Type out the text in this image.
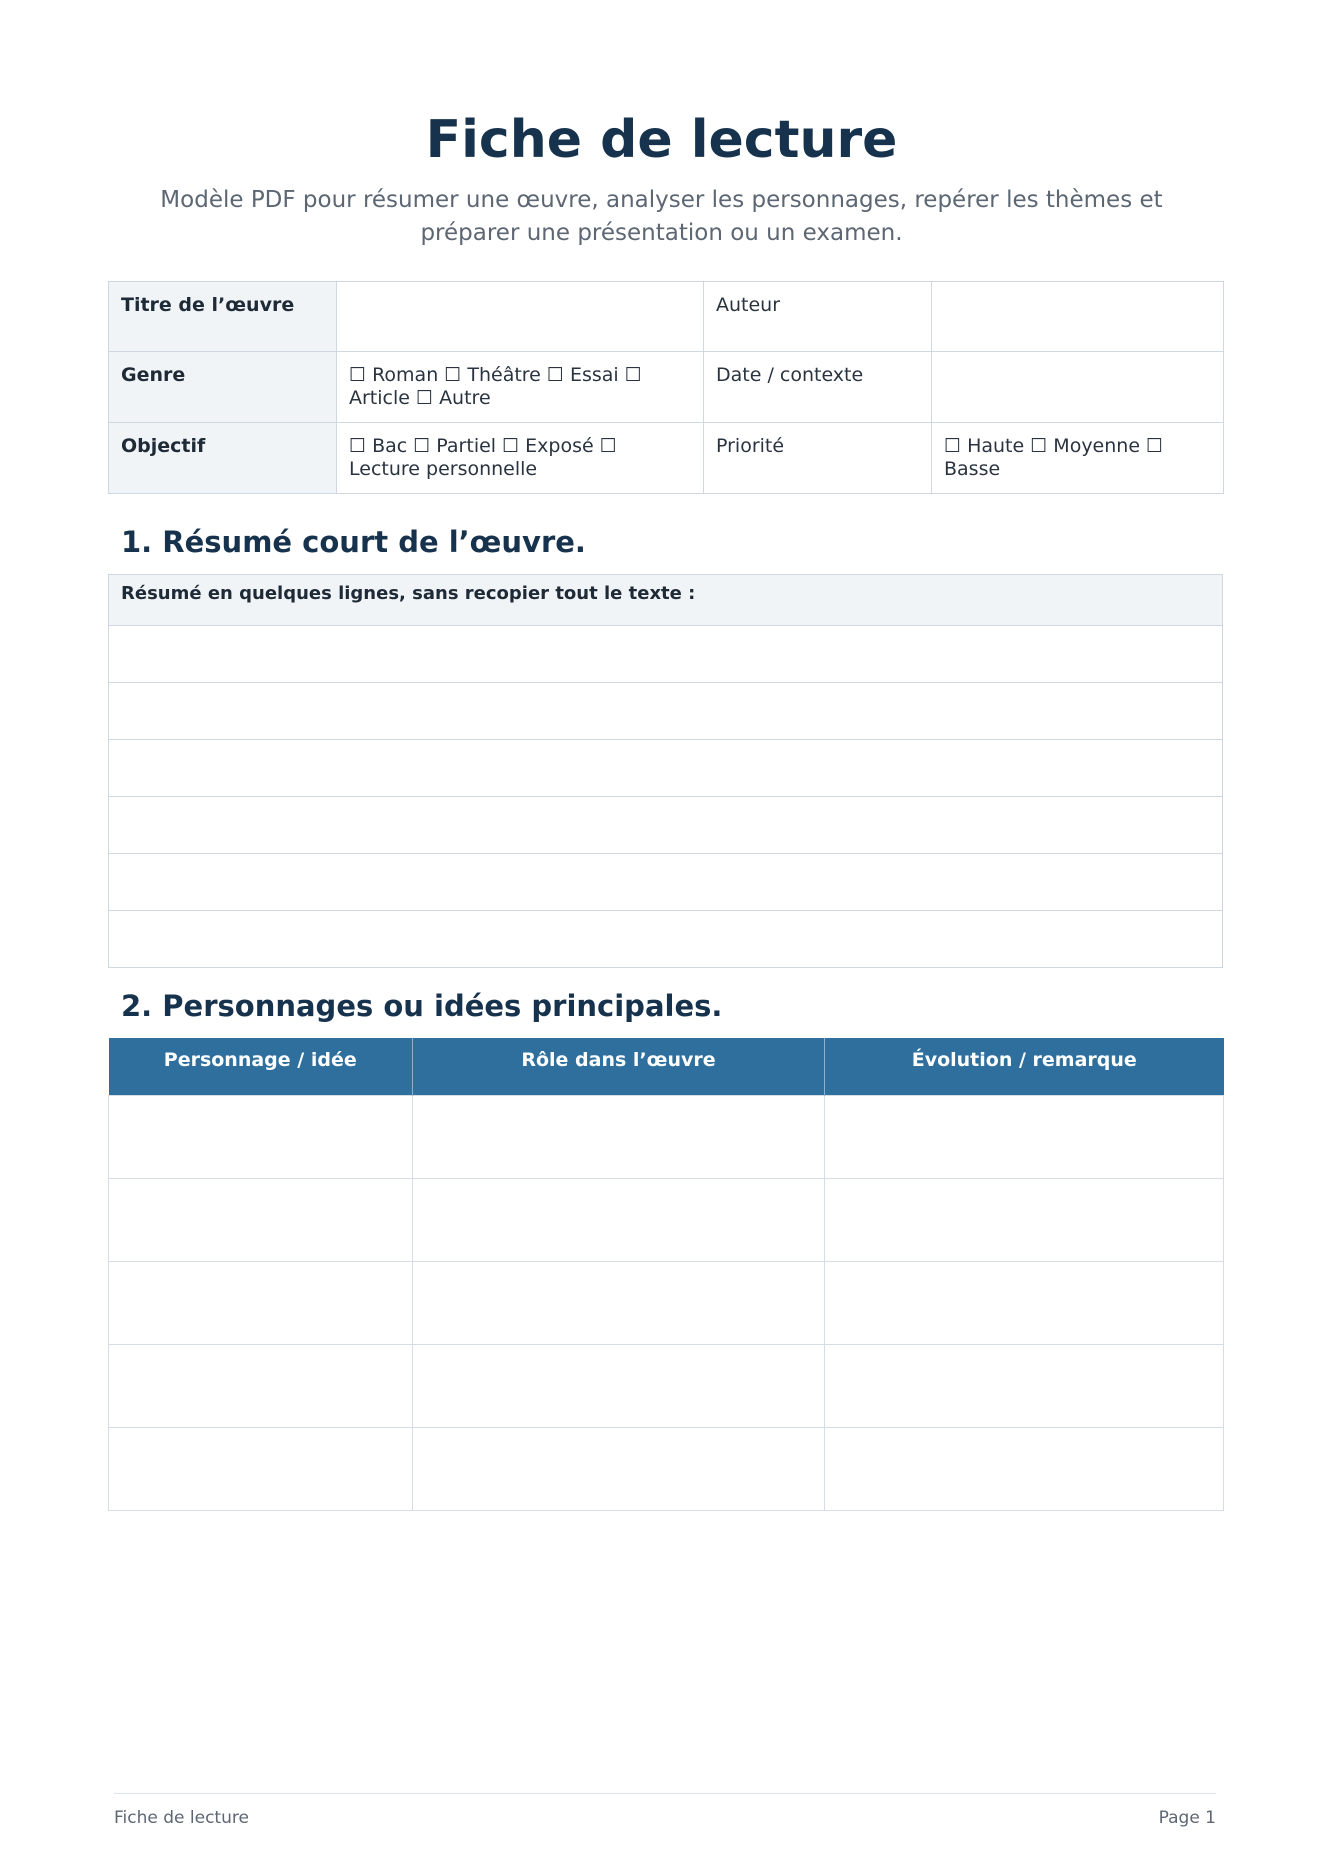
Fiche de lecture
Modèle PDF pour résumer une œuvre, analyser les personnages, repérer les thèmes et préparer une présentation ou un examen.
Titre de l’œuvre		Auteur	
Genre	☐ Roman ☐ Théâtre ☐ Essai ☐ Article ☐ Autre	Date / contexte	
Objectif	☐ Bac ☐ Partiel ☐ Exposé ☐ Lecture personnelle	Priorité	☐ Haute ☐ Moyenne ☐ Basse
1. Résumé court de l’œuvre.
Résumé en quelques lignes, sans recopier tout le texte :

2. Personnages ou idées principales.
Personnage / idée	Rôle dans l’œuvre	Évolution / remarque

Fiche de lecture	Page 1
